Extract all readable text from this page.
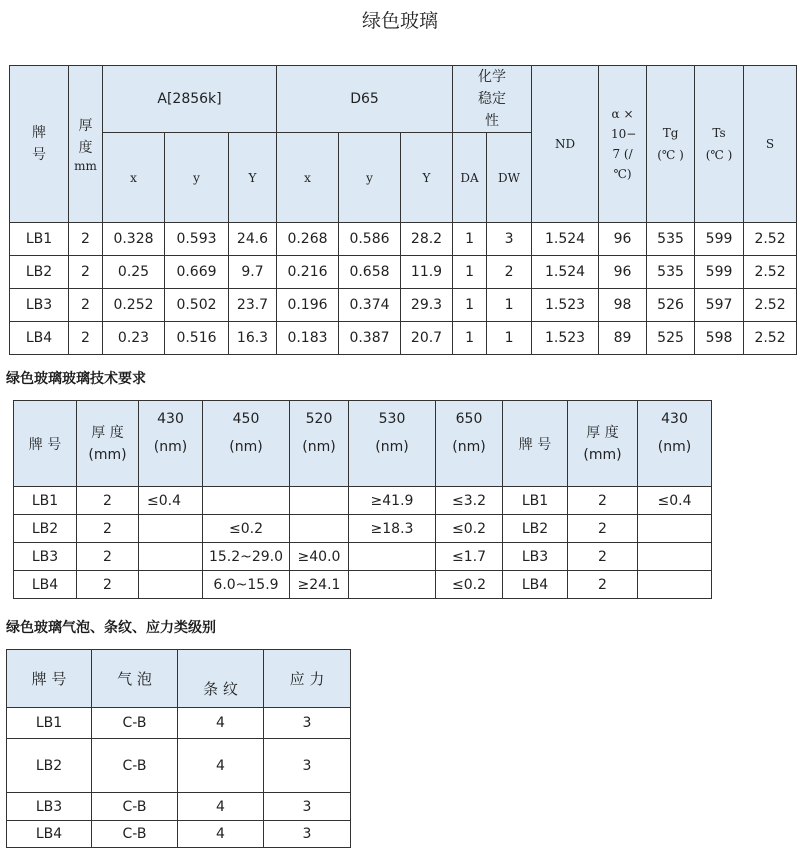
绿色玻璃
牌号	厚度
mm	A[2856k]			D65			化学稳定性		ND	α × 10− 7 (/ ℃)	Tg (℃ )	Ts (℃ )	S
		x	y	Y	x	y	Y	DA	DW					
LB1	2	0.328	0.593	24.6	0.268	0.586	28.2	1	3	1.524	96	535	599	2.52
LB2	2	0.25	0.669	9.7	0.216	0.658	11.9	1	2	1.524	96	535	599	2.52
LB3	2	0.252	0.502	23.7	0.196	0.374	29.3	1	1	1.523	98	526	597	2.52
LB4	2	0.23	0.516	16.3	0.183	0.387	20.7	1	1	1.523	89	525	598	2.52
绿色玻璃玻璃技术要求
牌 号	厚 度 (mm)	430 (nm)	450 (nm)	520 (nm)	530 (nm)	650 (nm)	牌 号	厚 度 (mm)	430 (nm)
LB1	2	≤0.4			≥41.9	≤3.2	LB1	2	≤0.4
LB2	2		≤0.2		≥18.3	≤0.2	LB2	2	
LB3	2		15.2~29.0	≥40.0		≤1.7	LB3	2	
LB4	2		6.0~15.9	≥24.1		≤0.2	LB4	2	
绿色玻璃气泡、条纹、应力类级别
牌 号	气 泡	条 纹	应 力
LB1	C-B	4	3
LB2	C-B	4	3
LB3	C-B	4	3
LB4	C-B	4	3
